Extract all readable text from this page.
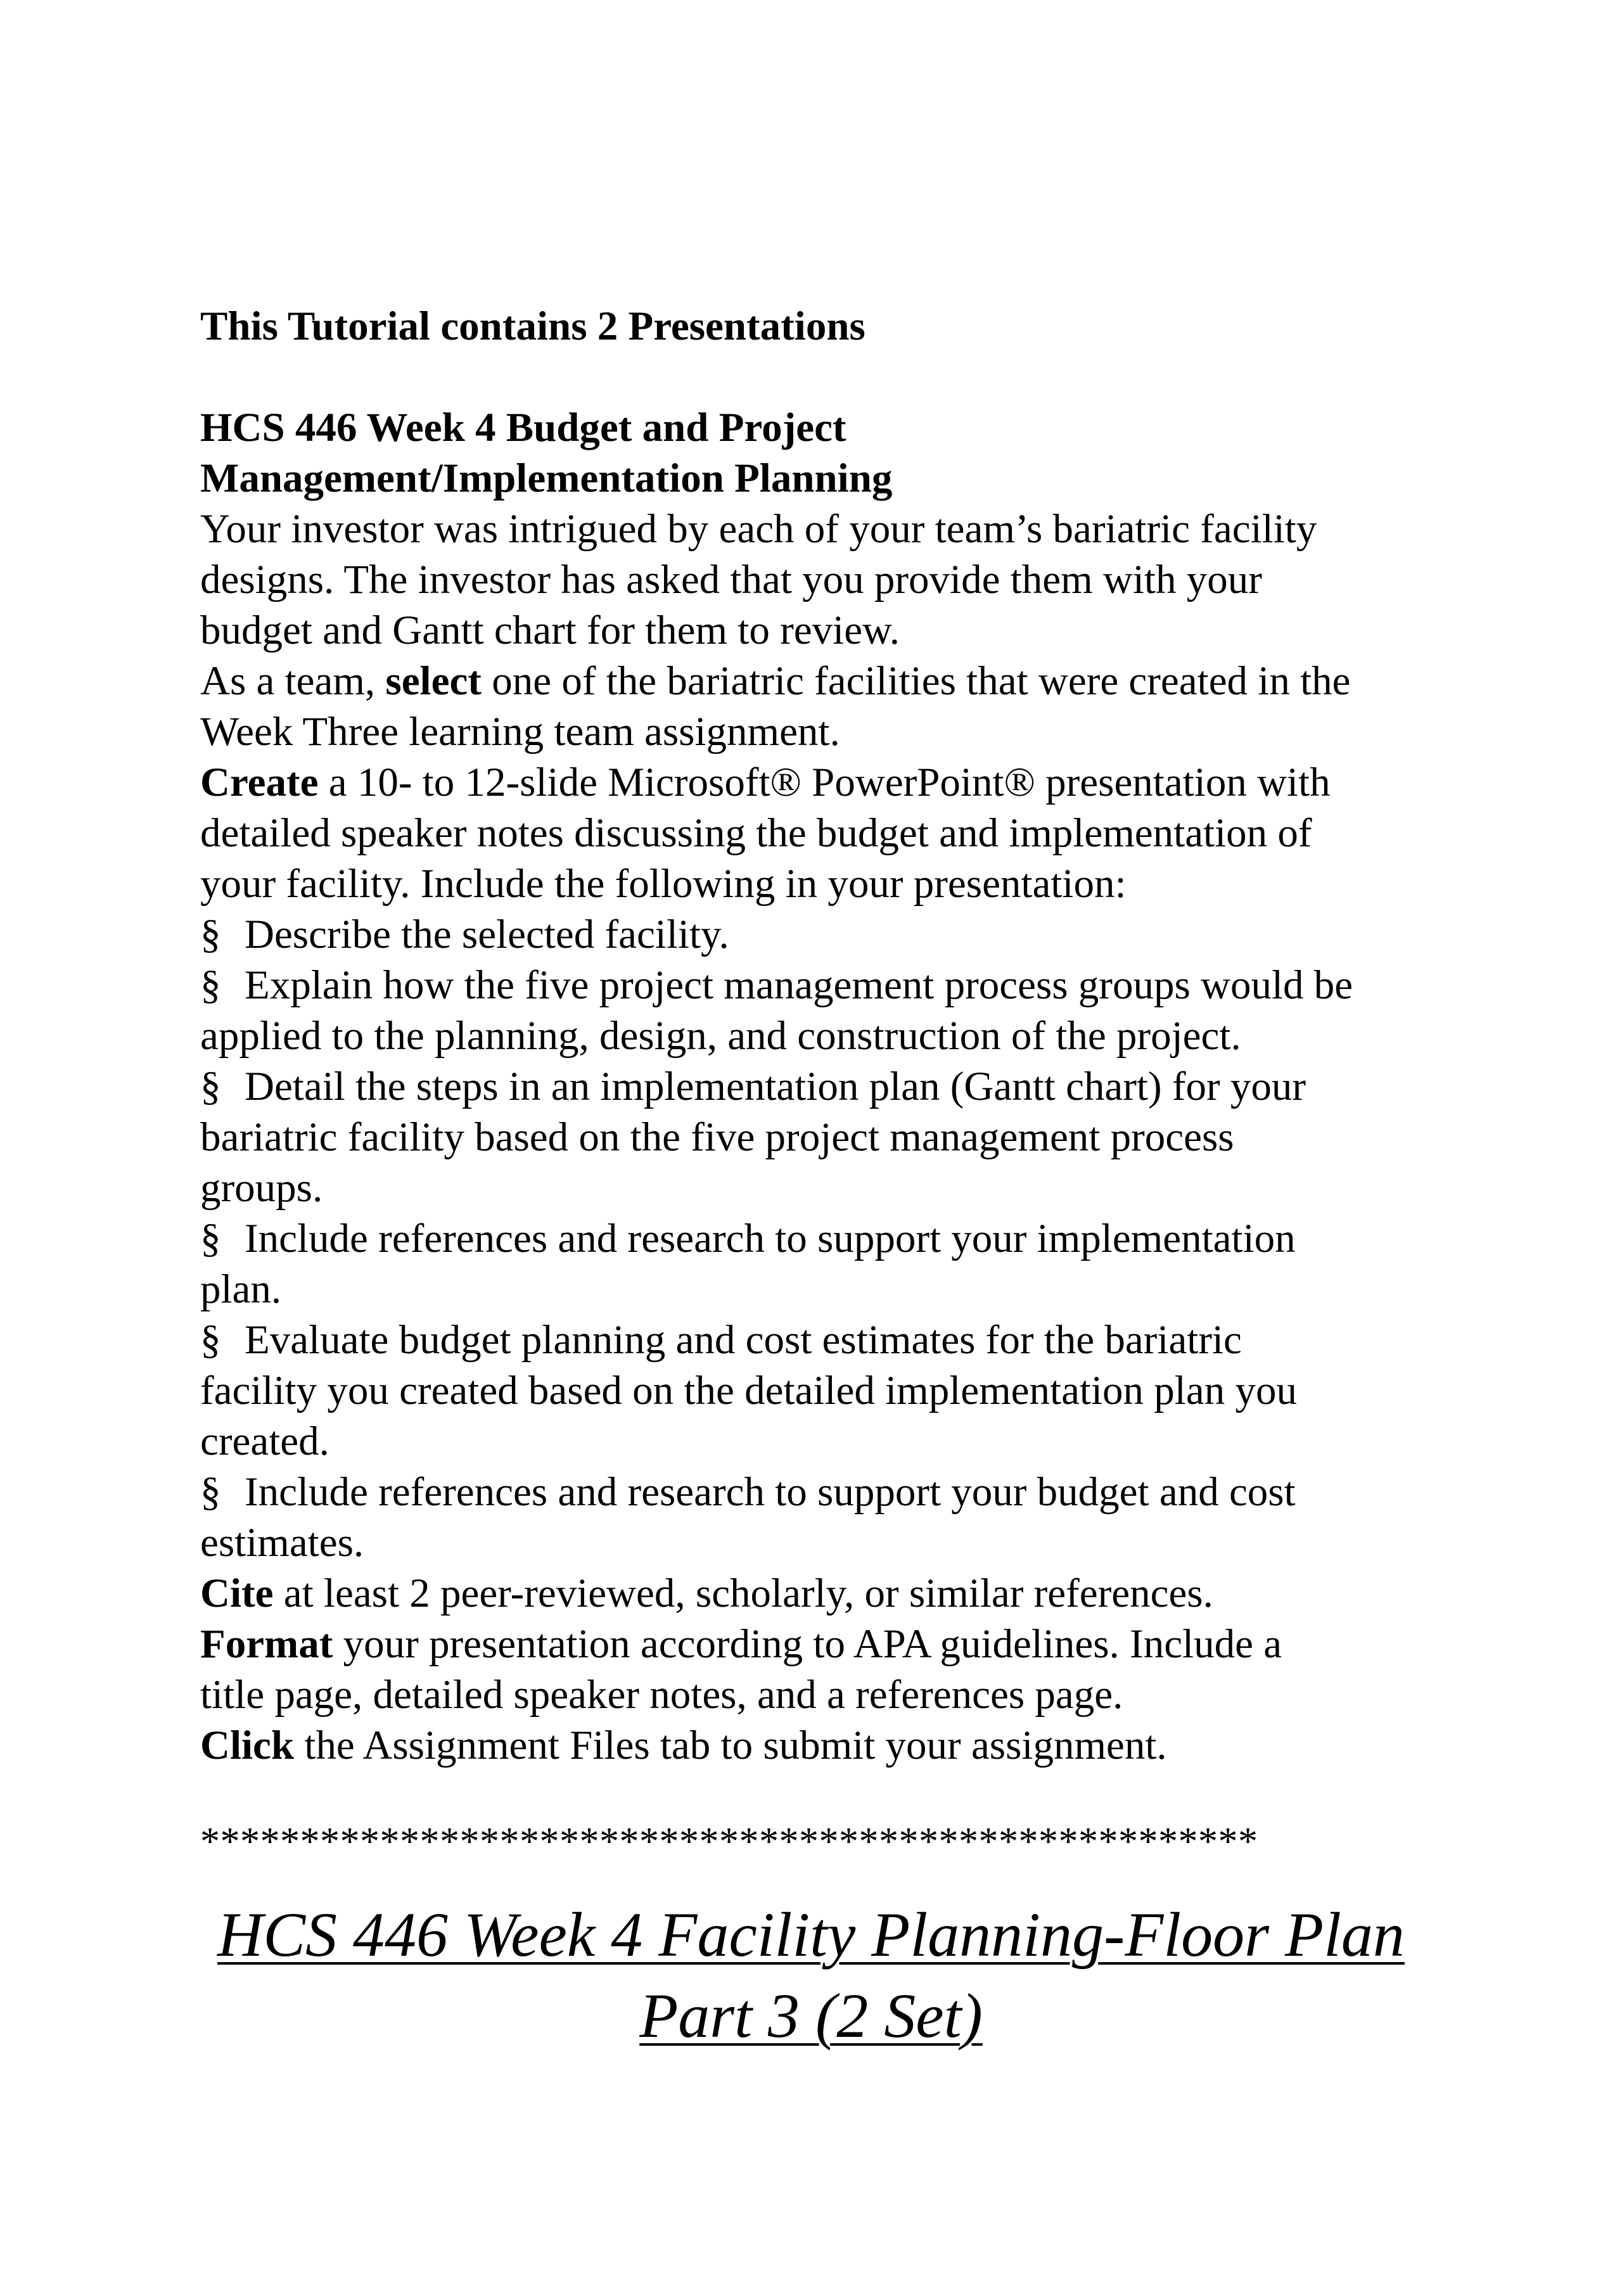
This Tutorial contains 2 Presentations
HCS 446 Week 4 Budget and Project
Management/Implementation Planning
Your investor was intrigued by each of your team’s bariatric facility
designs. The investor has asked that you provide them with your
budget and Gantt chart for them to review.
As a team, select one of the bariatric facilities that were created in the
Week Three learning team assignment.
Create a 10- to 12-slide Microsoft® PowerPoint® presentation with
detailed speaker notes discussing the budget and implementation of
your facility. Include the following in your presentation:
§ Describe the selected facility.
§ Explain how the five project management process groups would be
applied to the planning, design, and construction of the project.
§ Detail the steps in an implementation plan (Gantt chart) for your
bariatric facility based on the five project management process
groups.
§ Include references and research to support your implementation
plan.
§ Evaluate budget planning and cost estimates for the bariatric
facility you created based on the detailed implementation plan you
created.
§ Include references and research to support your budget and cost
estimates.
Cite at least 2 peer-reviewed, scholarly, or similar references.
Format your presentation according to APA guidelines. Include a
title page, detailed speaker notes, and a references page.
Click the Assignment Files tab to submit your assignment.
*****************************************************
HCS 446 Week 4 Facility Planning-Floor Plan
Part 3 (2 Set)
